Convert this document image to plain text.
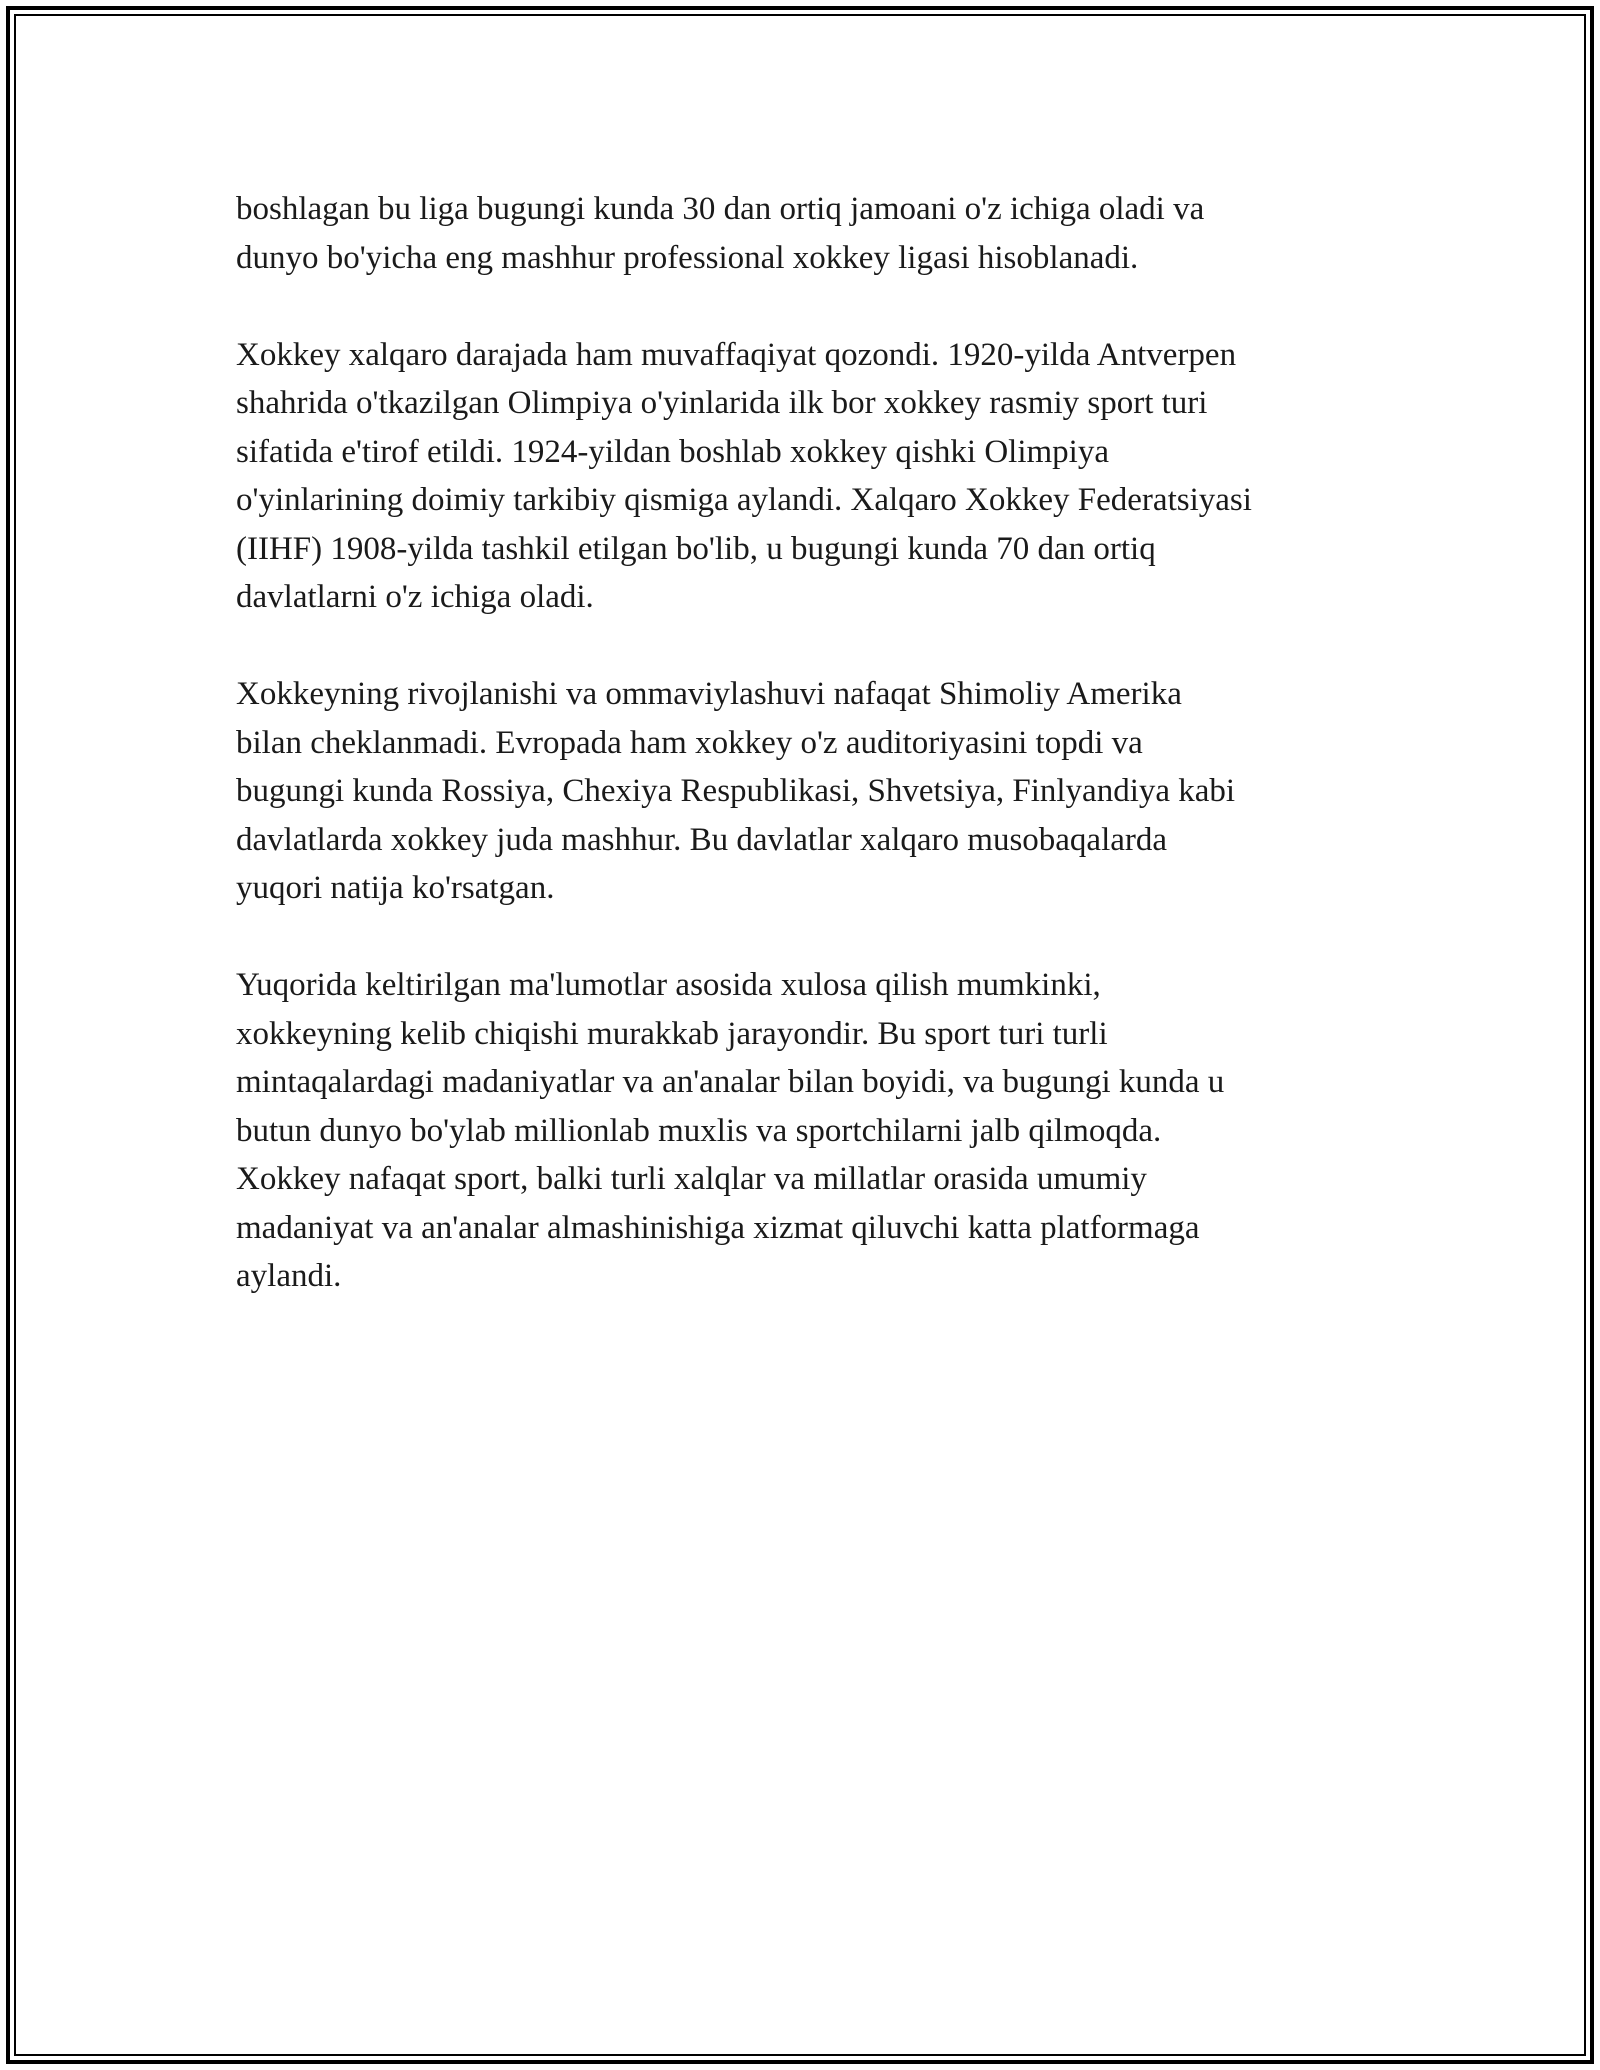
boshlagan bu liga bugungi kunda 30 dan ortiq jamoani o'z ichiga oladi va
dunyo bo'yicha eng mashhur professional xokkey ligasi hisoblanadi.

Xokkey xalqaro darajada ham muvaffaqiyat qozondi. 1920-yilda Antverpen
shahrida o'tkazilgan Olimpiya o'yinlarida ilk bor xokkey rasmiy sport turi
sifatida e'tirof etildi. 1924-yildan boshlab xokkey qishki Olimpiya
o'yinlarining doimiy tarkibiy qismiga aylandi. Xalqaro Xokkey Federatsiyasi
(IIHF) 1908-yilda tashkil etilgan bo'lib, u bugungi kunda 70 dan ortiq
davlatlarni o'z ichiga oladi.

Xokkeyning rivojlanishi va ommaviylashuvi nafaqat Shimoliy Amerika
bilan cheklanmadi. Evropada ham xokkey o'z auditoriyasini topdi va
bugungi kunda Rossiya, Chexiya Respublikasi, Shvetsiya, Finlyandiya kabi
davlatlarda xokkey juda mashhur. Bu davlatlar xalqaro musobaqalarda
yuqori natija ko'rsatgan.

Yuqorida keltirilgan ma'lumotlar asosida xulosa qilish mumkinki,
xokkeyning kelib chiqishi murakkab jarayondir. Bu sport turi turli
mintaqalardagi madaniyatlar va an'analar bilan boyidi, va bugungi kunda u
butun dunyo bo'ylab millionlab muxlis va sportchilarni jalb qilmoqda.
Xokkey nafaqat sport, balki turli xalqlar va millatlar orasida umumiy
madaniyat va an'analar almashinishiga xizmat qiluvchi katta platformaga
aylandi.
